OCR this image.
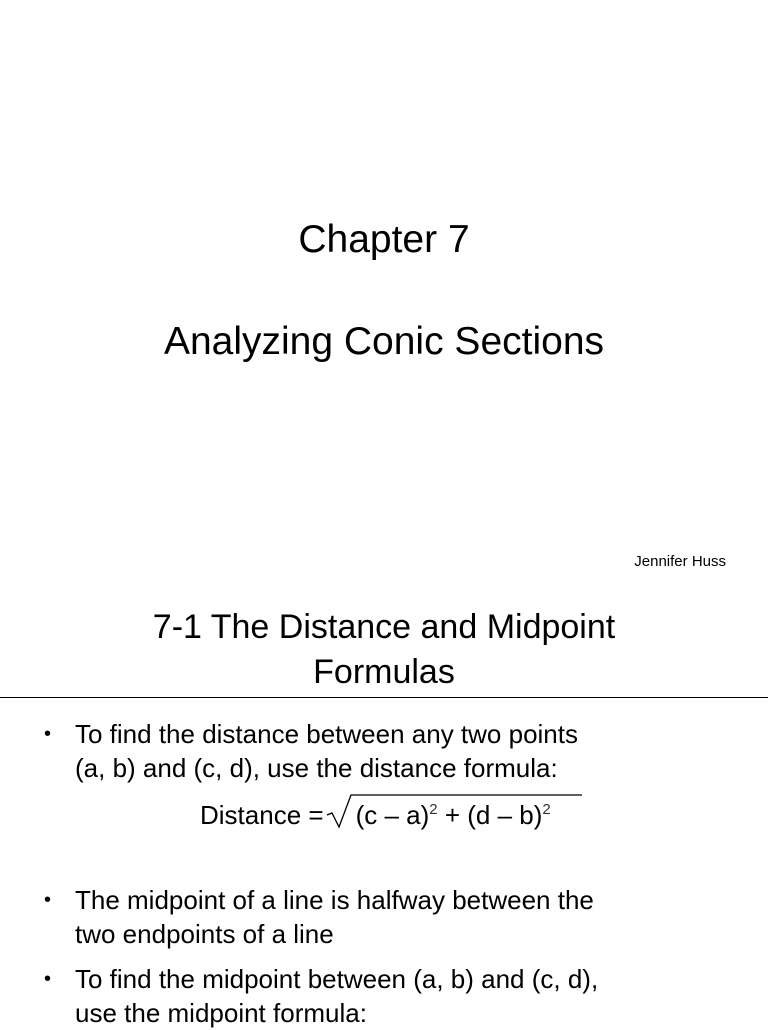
Chapter 7
Analyzing Conic Sections
Jennifer Huss
7-1 The Distance and Midpoint
Formulas
• To find the distance between any two points
(a, b) and (c, d), use the distance formula:
Distance = (c – a)$^2$ + (d – b)$^2$
• The midpoint of a line is halfway between the
two endpoints of a line
• To find the midpoint between (a, b) and (c, d),
use the midpoint formula:
